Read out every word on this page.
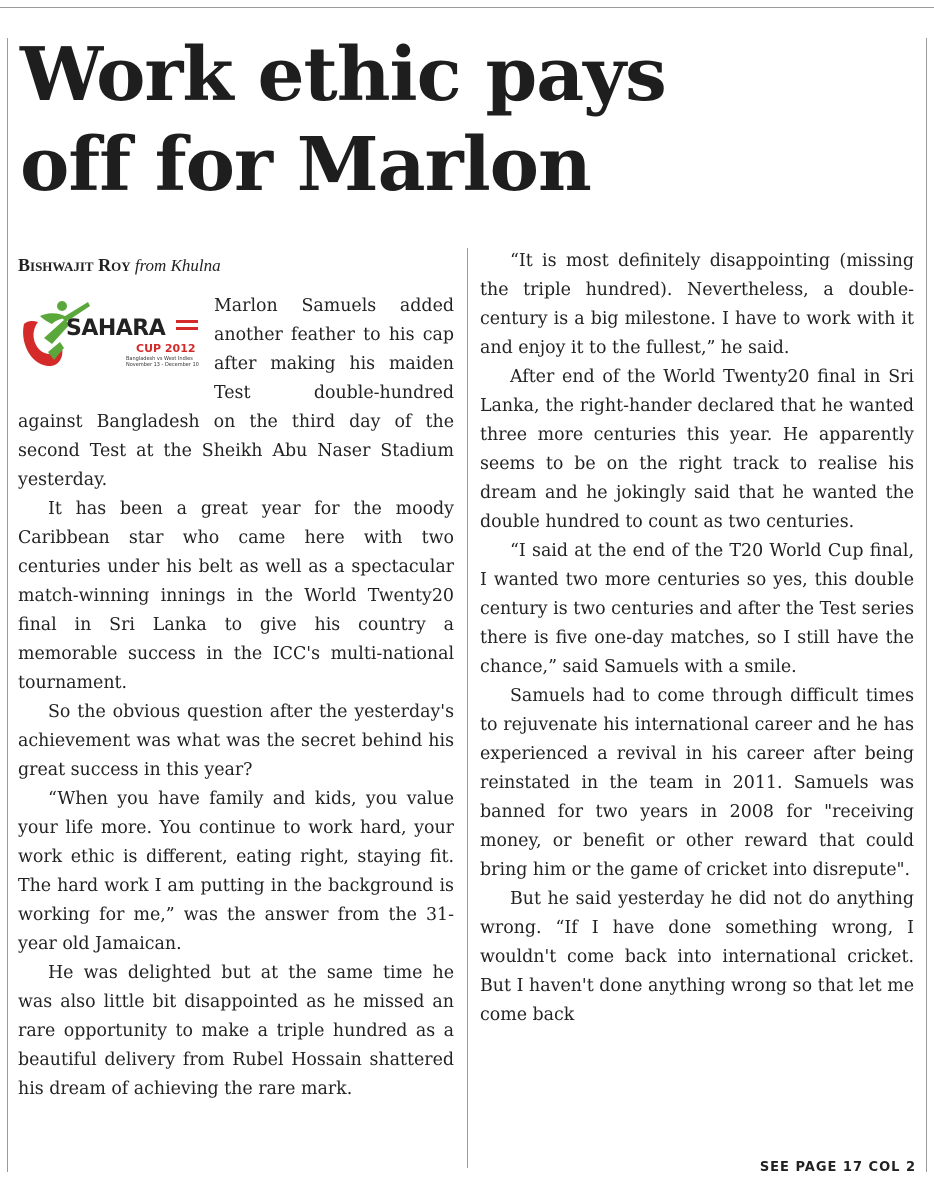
Work ethic pays
off for Marlon

Bishwajit Roy from Khulna

SAHARA
CUP 2012
Bangladesh vs West Indies
November 13 - December 10

Marlon Samuels added another feather to his cap after making his maiden Test double-hundred against Bangladesh on the third day of the second Test at the Sheikh Abu Naser Stadium yesterday.

It has been a great year for the moody Caribbean star who came here with two centuries under his belt as well as a spectacular match-winning innings in the World Twenty20 final in Sri Lanka to give his country a memorable success in the ICC's multi-national tournament.

So the obvious question after the yesterday's achievement was what was the secret behind his great success in this year?

“When you have family and kids, you value your life more. You continue to work hard, your work ethic is different, eating right, staying fit. The hard work I am putting in the background is working for me,” was the answer from the 31-year old Jamaican.

He was delighted but at the same time he was also little bit disappointed as he missed an rare opportunity to make a triple hundred as a beautiful delivery from Rubel Hossain shattered his dream of achieving the rare mark.

“It is most definitely disappointing (missing the triple hundred). Nevertheless, a double-century is a big milestone. I have to work with it and enjoy it to the fullest,” he said.

After end of the World Twenty20 final in Sri Lanka, the right-hander declared that he wanted three more centuries this year. He apparently seems to be on the right track to realise his dream and he jokingly said that he wanted the double hundred to count as two centuries.

“I said at the end of the T20 World Cup final, I wanted two more centuries so yes, this double century is two centuries and after the Test series there is five one-day matches, so I still have the chance,” said Samuels with a smile.

Samuels had to come through difficult times to rejuvenate his international career and he has experienced a revival in his career after being reinstated in the team in 2011. Samuels was banned for two years in 2008 for "receiving money, or benefit or other reward that could bring him or the game of cricket into disrepute".

But he said yesterday he did not do anything wrong. “If I have done something wrong, I wouldn't come back into international cricket. But I haven't done anything wrong so that let me come back

SEE PAGE 17 COL 2
